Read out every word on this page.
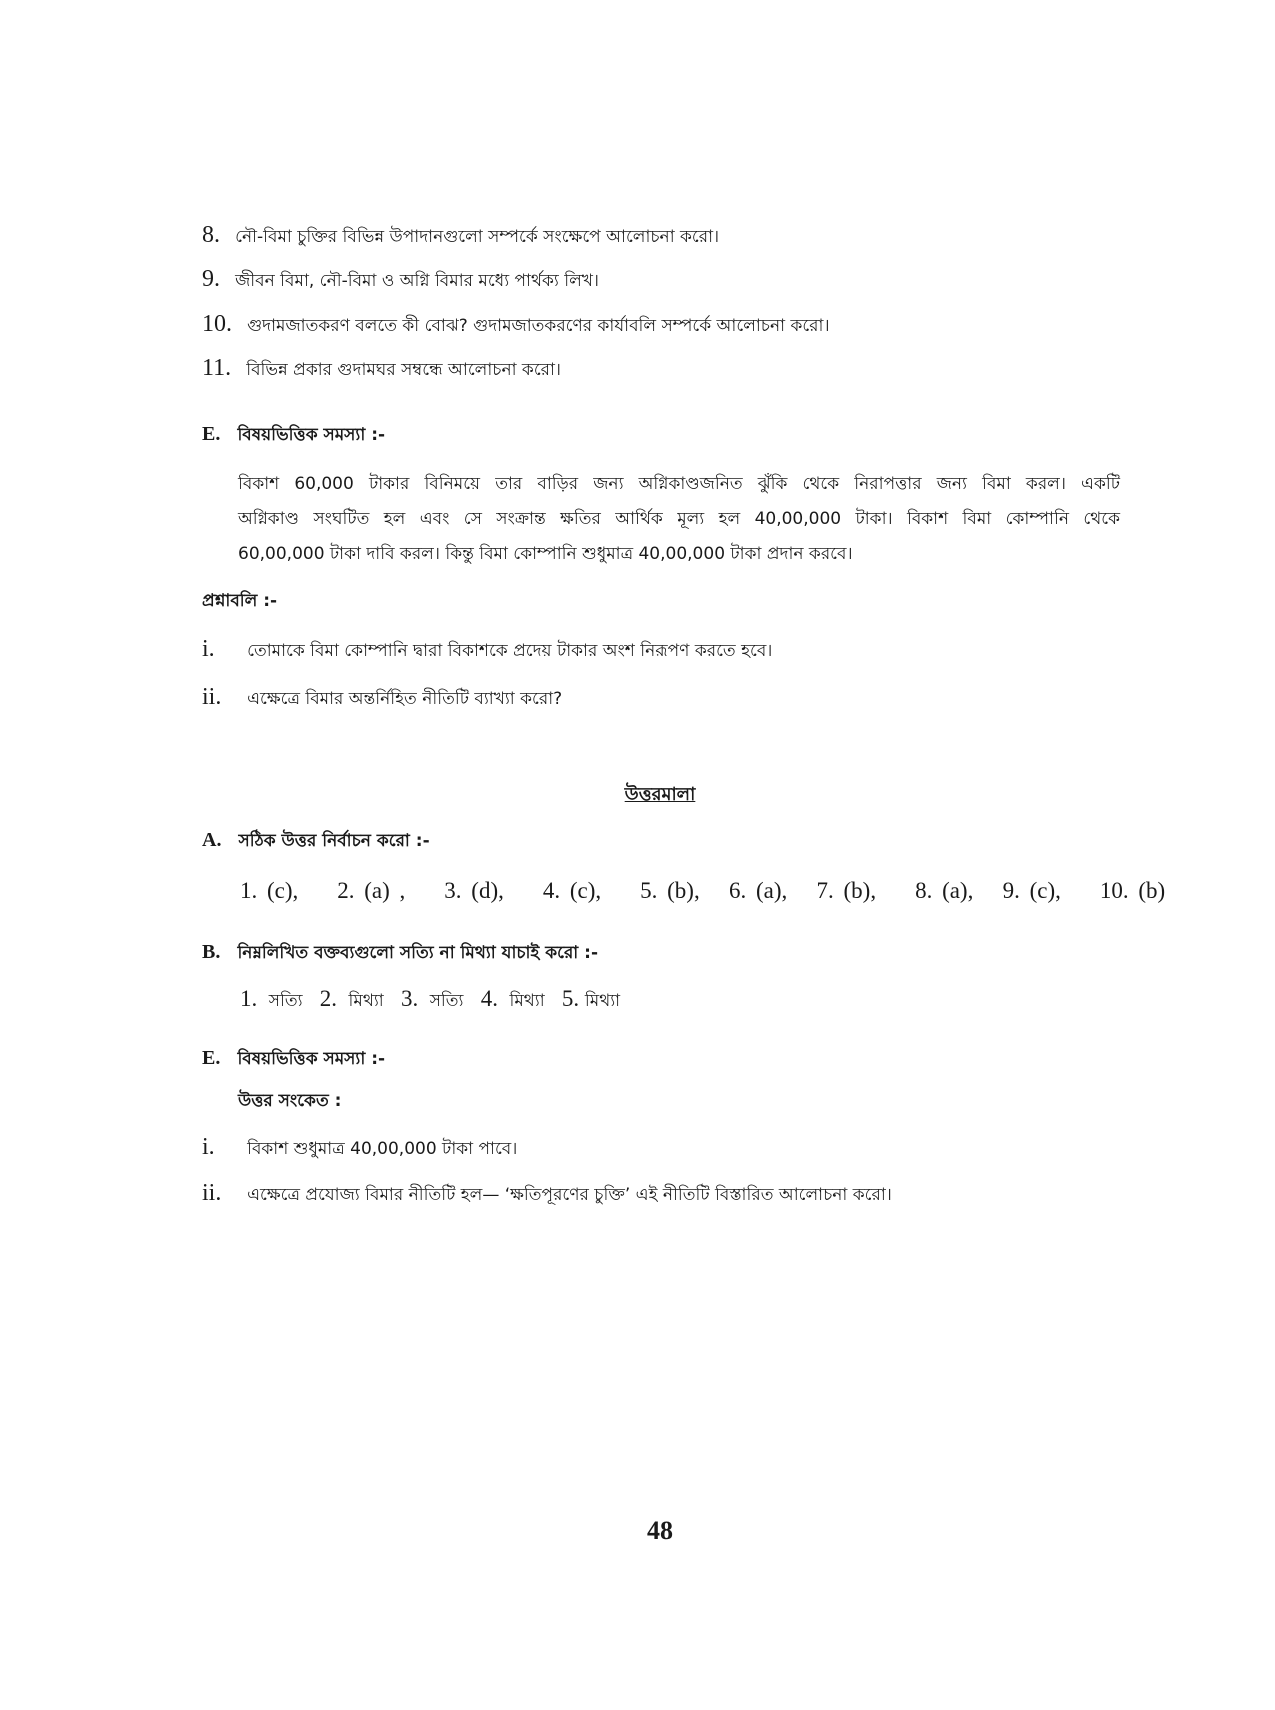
8. নৌ-বিমা চুক্তির বিভিন্ন উপাদানগুলো সম্পর্কে সংক্ষেপে আলোচনা করো।
9. জীবন বিমা, নৌ-বিমা ও অগ্নি বিমার মধ্যে পার্থক্য লিখ।
10. গুদামজাতকরণ বলতে কী বোঝ? গুদামজাতকরণের কার্যাবলি সম্পর্কে আলোচনা করো।
11. বিভিন্ন প্রকার গুদামঘর সম্বন্ধে আলোচনা করো।
E. বিষয়ভিত্তিক সমস্যা :-
বিকাশ 60,000 টাকার বিনিময়ে তার বাড়ির জন্য অগ্নিকাণ্ডজনিত ঝুঁকি থেকে নিরাপত্তার জন্য বিমা করল। একটি
অগ্নিকাণ্ড সংঘটিত হল এবং সে সংক্রান্ত ক্ষতির আর্থিক মূল্য হল 40,00,000 টাকা। বিকাশ বিমা কোম্পানি থেকে
60,00,000 টাকা দাবি করল। কিন্তু বিমা কোম্পানি শুধুমাত্র 40,00,000 টাকা প্রদান করবে।
প্রশ্নাবলি :-
i. তোমাকে বিমা কোম্পানি দ্বারা বিকাশকে প্রদেয় টাকার অংশ নিরূপণ করতে হবে।
ii. এক্ষেত্রে বিমার অন্তর্নিহিত নীতিটি ব্যাখ্যা করো?
উত্তরমালা
A. সঠিক উত্তর নির্বাচন করো :-
1. (c),    2. (a) ,    3. (d),    4. (c),    5. (b),   6. (a),   7. (b),    8. (a),   9. (c),    10. (b)
B. নিম্নলিখিত বক্তব্যগুলো সত্যি না মিথ্যা যাচাই করো :-
1. সত্যি 2. মিথ্যা 3. সত্যি 4. মিথ্যা 5. মিথ্যা
E. বিষয়ভিত্তিক সমস্যা :-
উত্তর সংকেত :
i. বিকাশ শুধুমাত্র 40,00,000 টাকা পাবে।
ii. এক্ষেত্রে প্রযোজ্য বিমার নীতিটি হল— ‘ক্ষতিপূরণের চুক্তি’ এই নীতিটি বিস্তারিত আলোচনা করো।
48
